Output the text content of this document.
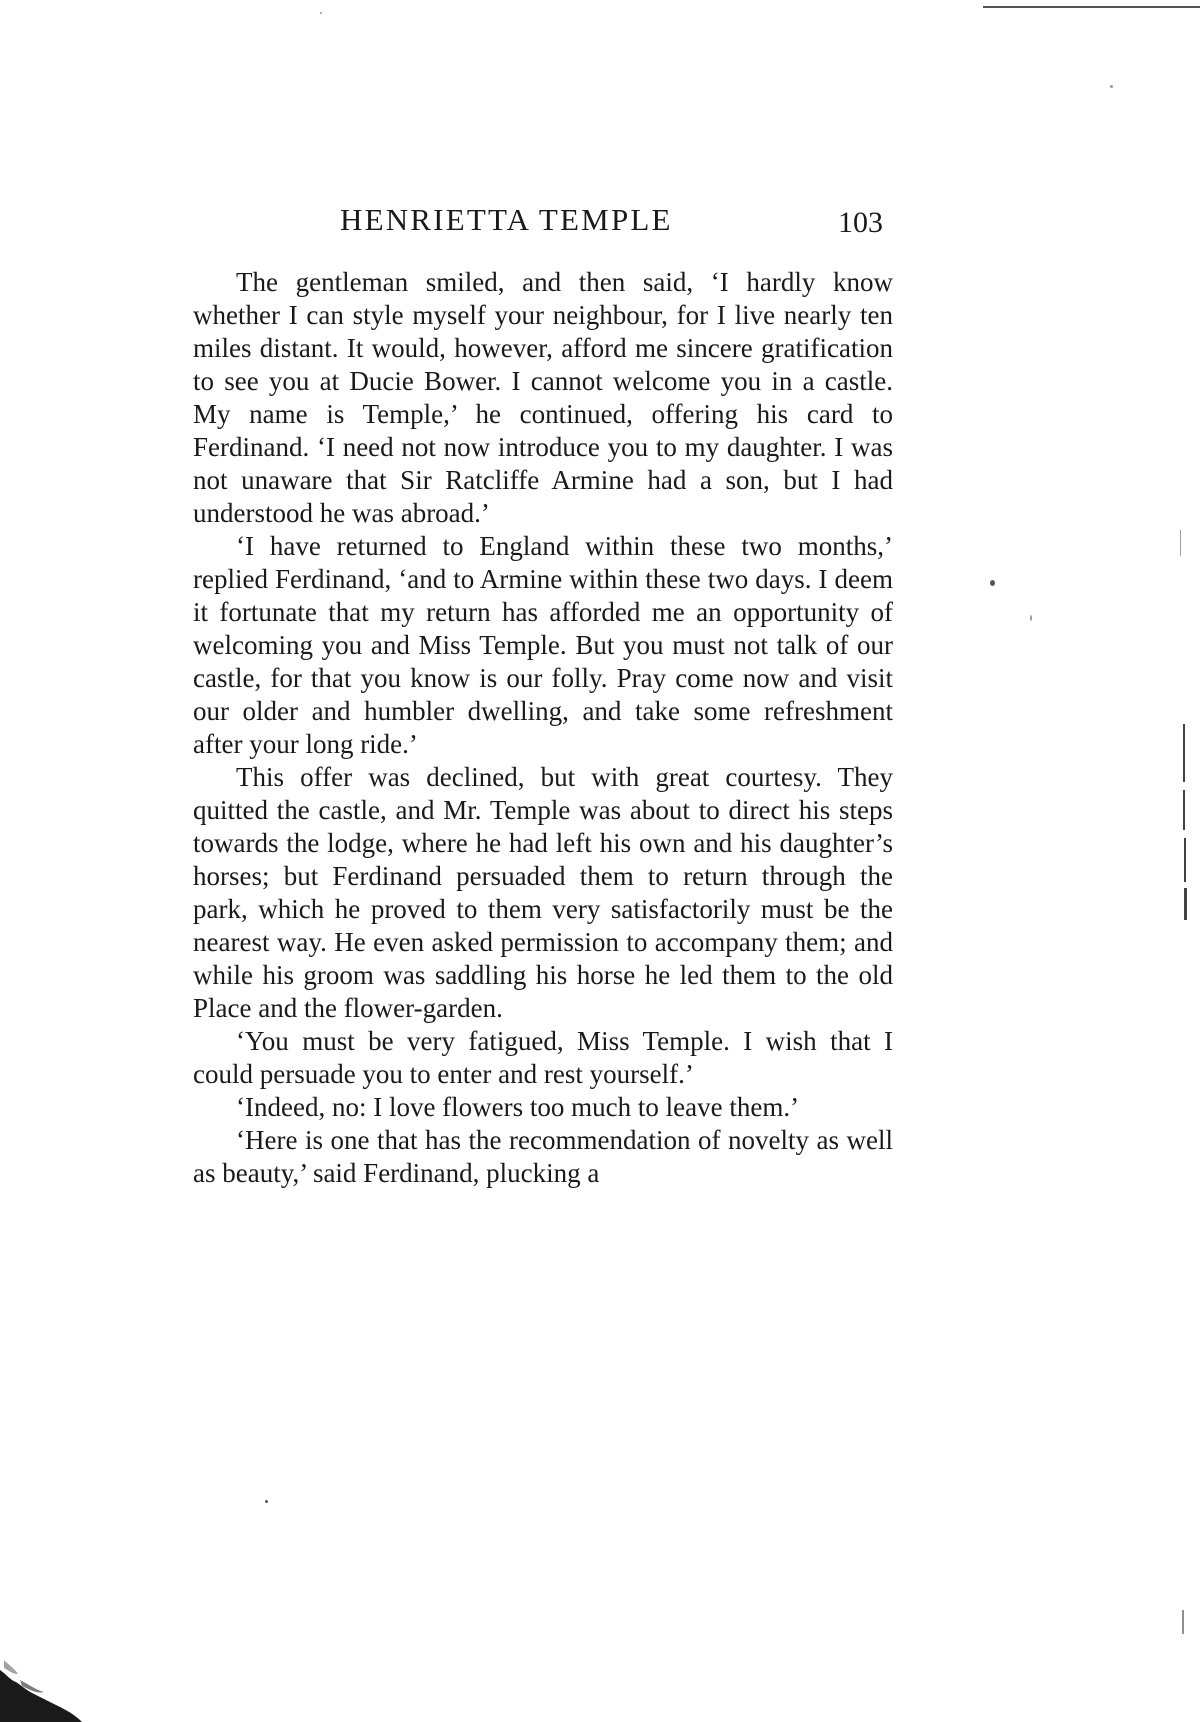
HENRIETTA TEMPLE	103

The gentleman smiled, and then said, ‘I hardly know whether I can style myself your neighbour, for I live nearly ten miles distant. It would, however, afford me sincere gratification to see you at Ducie Bower. I cannot welcome you in a castle. My name is Temple,’ he continued, offering his card to Ferdinand. ‘I need not now introduce you to my daughter. I was not unaware that Sir Ratcliffe Armine had a son, but I had understood he was abroad.’

‘I have returned to England within these two months,’ replied Ferdinand, ‘and to Armine within these two days. I deem it fortunate that my return has afforded me an opportunity of welcoming you and Miss Temple. But you must not talk of our castle, for that you know is our folly. Pray come now and visit our older and humbler dwelling, and take some refreshment after your long ride.’

This offer was declined, but with great courtesy. They quitted the castle, and Mr. Temple was about to direct his steps towards the lodge, where he had left his own and his daughter’s horses; but Ferdinand persuaded them to return through the park, which he proved to them very satisfactorily must be the nearest way. He even asked permission to accompany them; and while his groom was saddling his horse he led them to the old Place and the flower-garden.

‘You must be very fatigued, Miss Temple. I wish that I could persuade you to enter and rest yourself.’

‘Indeed, no: I love flowers too much to leave them.’

‘Here is one that has the recommendation of novelty as well as beauty,’ said Ferdinand, plucking a
